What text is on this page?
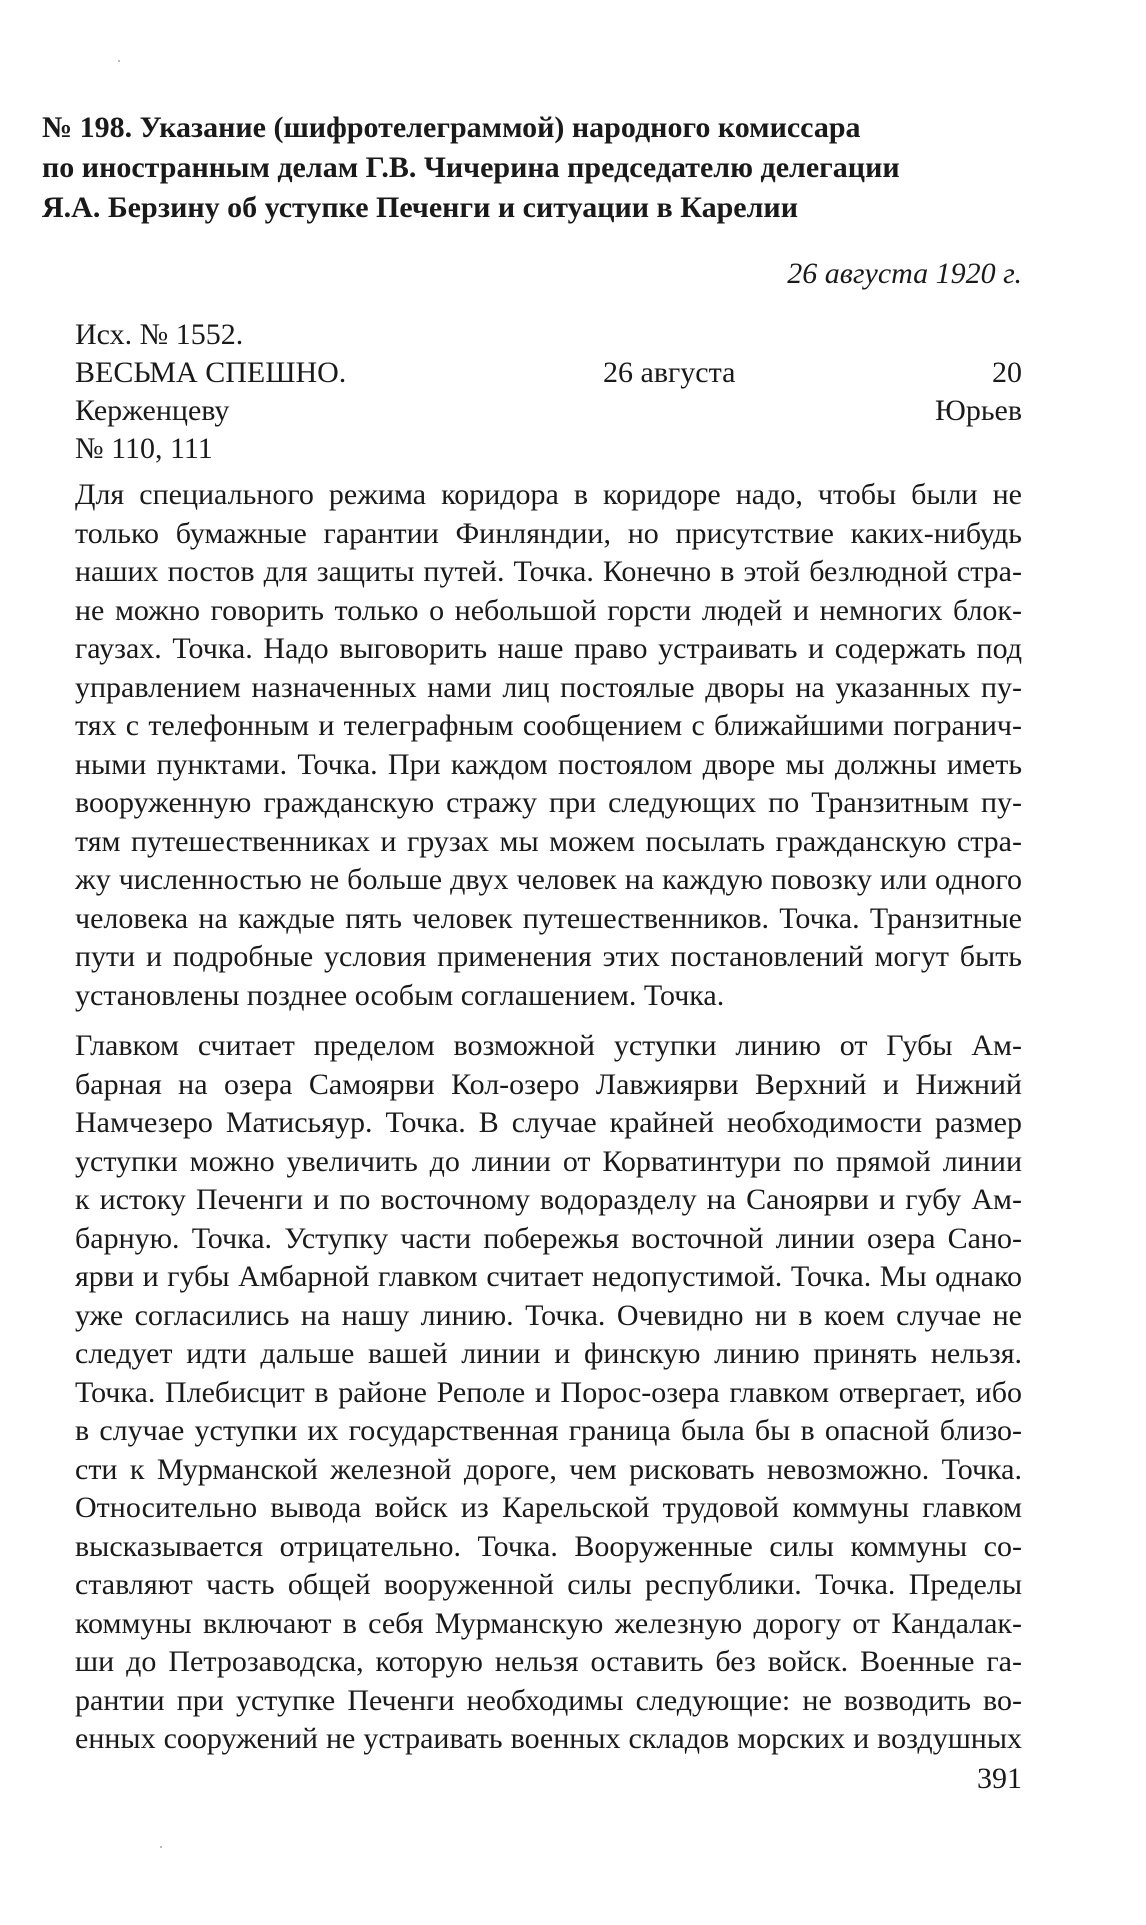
№ 198. Указание (шифротелеграммой) народного комиссара
по иностранным делам Г.В. Чичерина председателю делегации
Я.А. Берзину об уступке Печенги и ситуации в Карелии
26 августа 1920 г.
Исх. № 1552.
ВЕСЬМА СПЕШНО.	26 августа	20
Керженцеву	Юрьев
№ 110, 111
Для специального режима коридора в коридоре надо, чтобы были не
только бумажные гарантии Финляндии, но присутствие каких-нибудь
наших постов для защиты путей. Точка. Конечно в этой безлюдной стра-
не можно говорить только о небольшой горсти людей и немногих блок-
гаузах. Точка. Надо выговорить наше право устраивать и содержать под
управлением назначенных нами лиц постоялые дворы на указанных пу-
тях с телефонным и телеграфным сообщением с ближайшими погранич-
ными пунктами. Точка. При каждом постоялом дворе мы должны иметь
вооруженную гражданскую стражу при следующих по Транзитным пу-
тям путешественниках и грузах мы можем посылать гражданскую стра-
жу численностью не больше двух человек на каждую повозку или одного
человека на каждые пять человек путешественников. Точка. Транзитные
пути и подробные условия применения этих постановлений могут быть
установлены позднее особым соглашением. Точка.
Главком считает пределом возможной уступки линию от Губы Ам-
барная на озера Самоярви Кол-озеро Лавжиярви Верхний и Нижний
Намчезеро Матисьяур. Точка. В случае крайней необходимости размер
уступки можно увеличить до линии от Корватинтури по прямой линии
к истоку Печенги и по восточному водоразделу на Саноярви и губу Ам-
барную. Точка. Уступку части побережья восточной линии озера Сано-
ярви и губы Амбарной главком считает недопустимой. Точка. Мы однако
уже согласились на нашу линию. Точка. Очевидно ни в коем случае не
следует идти дальше вашей линии и финскую линию принять нельзя.
Точка. Плебисцит в районе Реполе и Порос-озера главком отвергает, ибо
в случае уступки их государственная граница была бы в опасной близо-
сти к Мурманской железной дороге, чем рисковать невозможно. Точка.
Относительно вывода войск из Карельской трудовой коммуны главком
высказывается отрицательно. Точка. Вооруженные силы коммуны со-
ставляют часть общей вооруженной силы республики. Точка. Пределы
коммуны включают в себя Мурманскую железную дорогу от Кандалак-
ши до Петрозаводска, которую нельзя оставить без войск. Военные га-
рантии при уступке Печенги необходимы следующие: не возводить во-
енных сооружений не устраивать военных складов морских и воздушных
391
